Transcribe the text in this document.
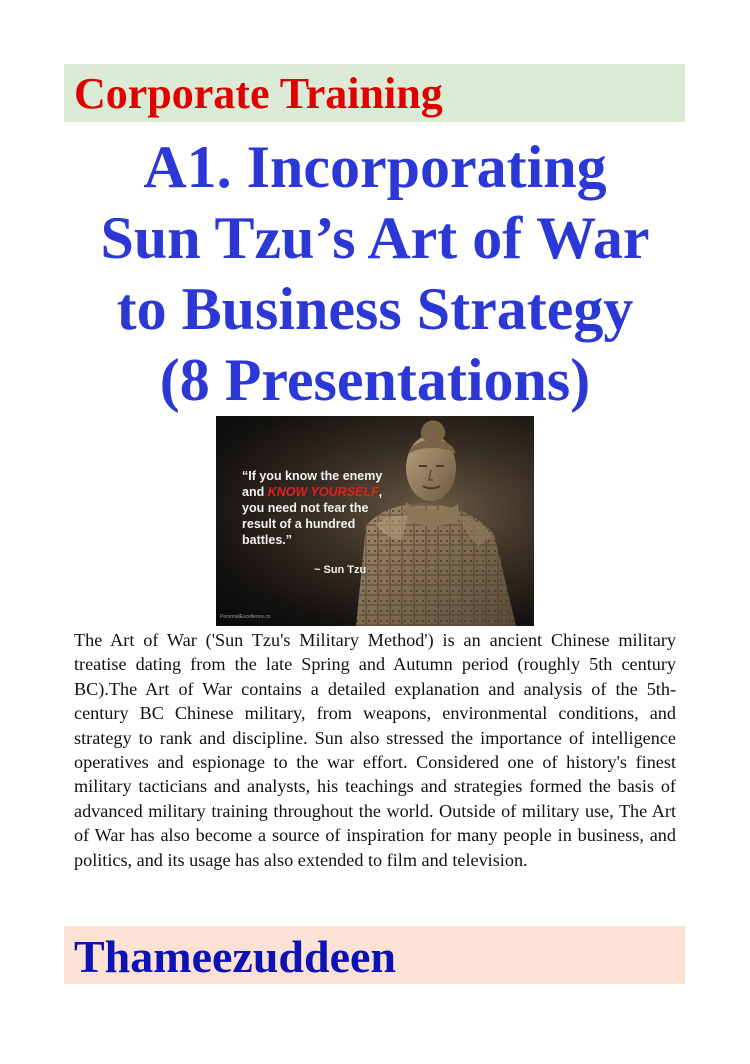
Corporate Training
A1. Incorporating
Sun Tzu’s Art of War
to Business Strategy
(8 Presentations)
“If you know the enemy and KNOW YOURSELF, you need not fear the result of a hundred battles.”
~ Sun Tzu
PersonalExcellence.co

The Art of War ('Sun Tzu's Military Method') is an ancient Chinese military treatise dating from the late Spring and Autumn period (roughly 5th century BC).The Art of War contains a detailed explanation and analysis of the 5th-century BC Chinese military, from weapons, environmental conditions, and strategy to rank and discipline. Sun also stressed the importance of intelligence operatives and espionage to the war effort. Considered one of history's finest military tacticians and analysts, his teachings and strategies formed the basis of advanced military training throughout the world. Outside of military use, The Art of War has also become a source of inspiration for many people in business, and politics, and its usage has also extended to film and television.

Thameezuddeen
